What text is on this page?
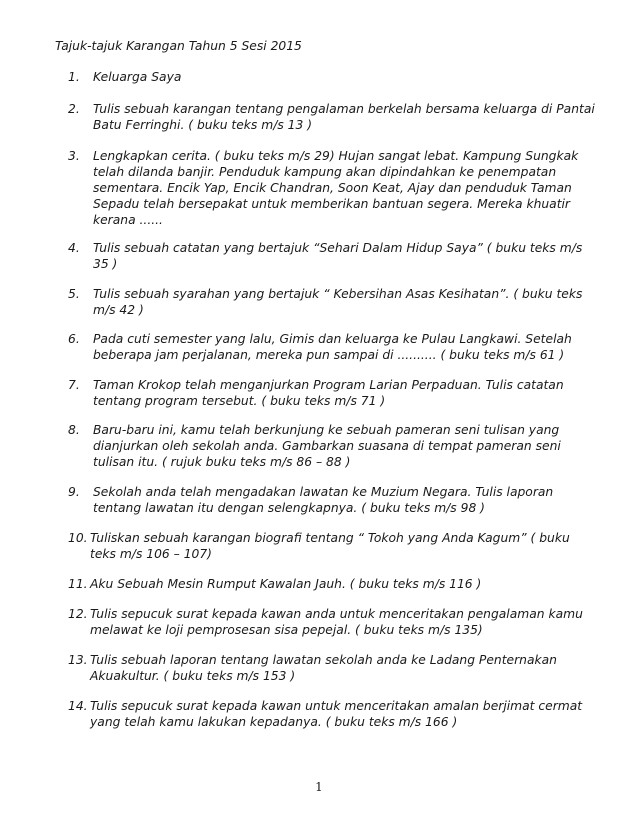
Tajuk-tajuk Karangan Tahun 5 Sesi 2015
1. Keluarga Saya
2. Tulis sebuah karangan tentang pengalaman berkelah bersama keluarga di Pantai Batu Ferringhi. ( buku teks m/s 13 )
3. Lengkapkan cerita. ( buku teks m/s 29) Hujan sangat lebat. Kampung Sungkak telah dilanda banjir. Penduduk kampung akan dipindahkan ke penempatan sementara. Encik Yap, Encik Chandran, Soon Keat, Ajay dan penduduk Taman Sepadu telah bersepakat untuk memberikan bantuan segera. Mereka khuatir kerana ......
4. Tulis sebuah catatan yang bertajuk “Sehari Dalam Hidup Saya” ( buku teks m/s 35 )
5. Tulis sebuah syarahan yang bertajuk “ Kebersihan Asas Kesihatan”. ( buku teks m/s 42 )
6. Pada cuti semester yang lalu, Gimis dan keluarga ke Pulau Langkawi. Setelah beberapa jam perjalanan, mereka pun sampai di .......... ( buku teks m/s 61 )
7. Taman Krokop telah menganjurkan Program Larian Perpaduan. Tulis catatan tentang program tersebut. ( buku teks m/s 71 )
8. Baru-baru ini, kamu telah berkunjung ke sebuah pameran seni tulisan yang dianjurkan oleh sekolah anda. Gambarkan suasana di tempat pameran seni tulisan itu. ( rujuk buku teks m/s 86 – 88 )
9. Sekolah anda telah mengadakan lawatan ke Muzium Negara. Tulis laporan tentang lawatan itu dengan selengkapnya. ( buku teks m/s 98 )
10. Tuliskan sebuah karangan biografi tentang “ Tokoh yang Anda Kagum” ( buku teks m/s 106 – 107)
11. Aku Sebuah Mesin Rumput Kawalan Jauh. ( buku teks m/s 116 )
12. Tulis sepucuk surat kepada kawan anda untuk menceritakan pengalaman kamu melawat ke loji pemprosesan sisa pepejal. ( buku teks m/s 135)
13. Tulis sebuah laporan tentang lawatan sekolah anda ke Ladang Penternakan Akuakultur. ( buku teks m/s 153 )
14. Tulis sepucuk surat kepada kawan untuk menceritakan amalan berjimat cermat yang telah kamu lakukan kepadanya. ( buku teks m/s 166 )
1
